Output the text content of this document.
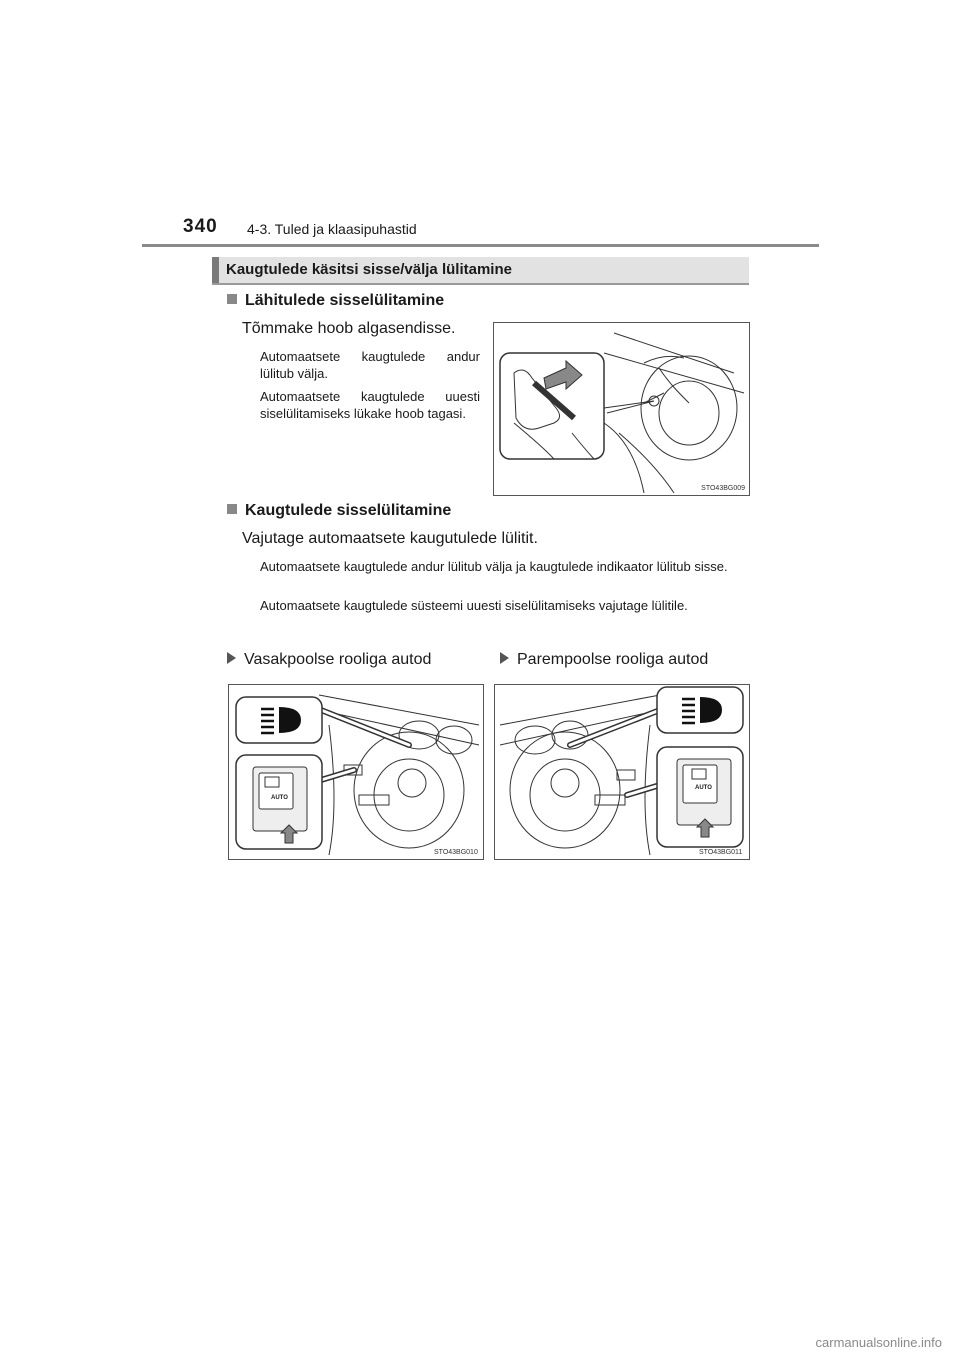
340 4-3. Tuled ja klaasipuhastid
Kaugtulede käsitsi sisse/välja lülitamine
Lähitulede sisselülitamine
Tõmmake hoob algasendisse.
Automaatsete kaugtulede andur lülitub välja.
Automaatsete kaugtulede uuesti siselülitamiseks lükake hoob tagasi.
STO43BG009
Kaugtulede sisselülitamine
Vajutage automaatsete kaugutulede lülitit.
Automaatsete kaugtulede andur lülitub välja ja kaugtulede indikaator lülitub sisse.
Automaatsete kaugtulede süsteemi uuesti siselülitamiseks vajutage lülitile.
Vasakpoolse rooliga autod	Parempoolse rooliga autod
AUTO
STO43BG010
AUTO
STO43BG011
carmanualsonline.info
